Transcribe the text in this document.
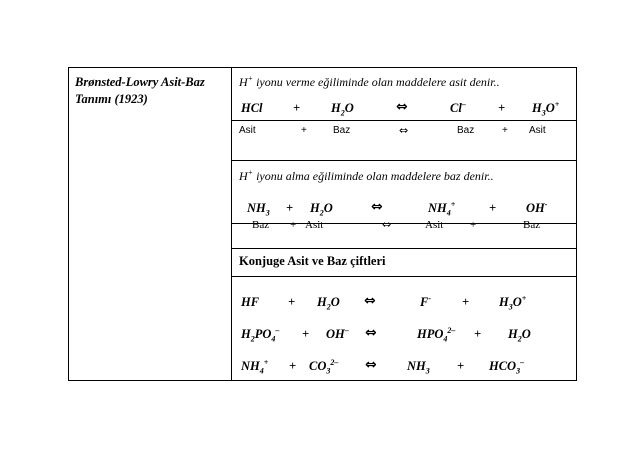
Brønsted-Lowry Asit-Baz
Tanımı (1923)
H+ iyonu verme eğiliminde olan maddelere asit denir..
HCl + $H_2O$	⇔	Cl–	+ $H_3O^+$
Asit	+	Baz	⇔	Baz	+ Asit
H+ iyonu alma eğiliminde olan maddelere baz denir..
$NH_3 + H_2O$	⇔	$NH_4^+$	+ OH-
Baz + Asit	⇔	Asit +	Baz
Konjuge Asit ve Baz çiftleri
HF + $H_2O$ ⇔	$F^- + H_3O^+$
$H_2PO_4^- + OH^-$ ⇔	$HPO_4^{2-} + H_2O$
$NH_4^+ + CO_3^{2-}$ ⇔ $NH_3 + HCO_3^-$
